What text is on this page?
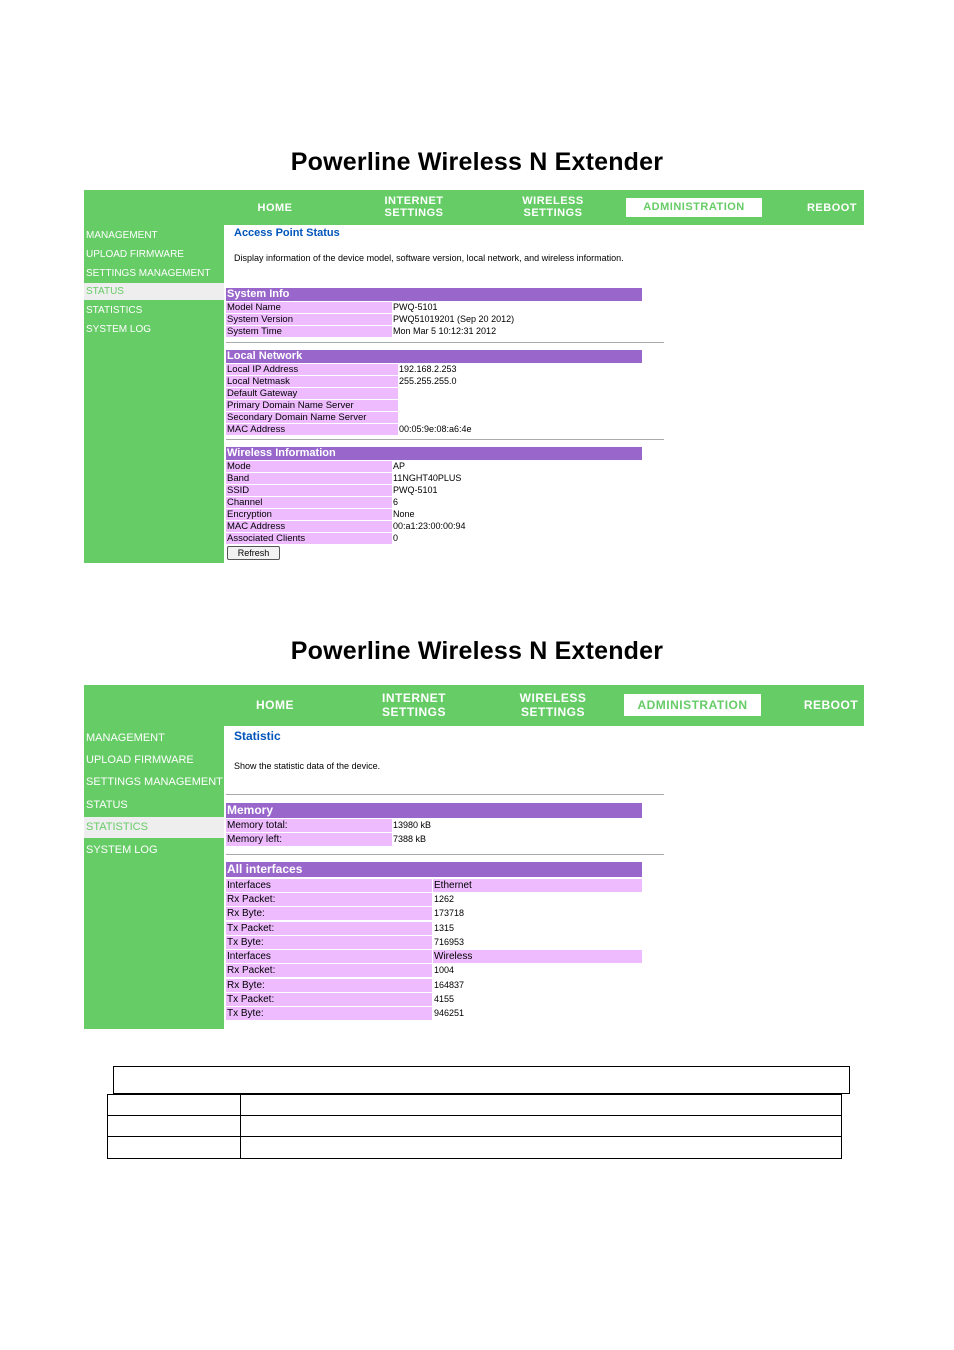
Powerline Wireless N Extender
HOME
INTERNET
SETTINGS
WIRELESS
SETTINGS	ADMINISTRATION	REBOOT
MANAGEMENT
UPLOAD FIRMWARE
SETTINGS MANAGEMENT
STATUS
STATISTICS
SYSTEM LOG
Access Point Status
Display information of the device model, software version, local network, and wireless information.
System Info
Model Name	PWQ-5101
System Version	PWQ51019201 (Sep 20 2012)
System Time	Mon Mar 5 10:12:31 2012
Local Network
Local IP Address	192.168.2.253
Local Netmask	255.255.255.0
Default Gateway
Primary Domain Name Server
Secondary Domain Name Server
MAC Address	00:05:9e:08:a6:4e
Wireless Information
Mode	AP
Band	11NGHT40PLUS
SSID	PWQ-5101
Channel	6
Encryption	None
MAC Address	00:a1:23:00:00:94
Associated Clients	0
Refresh
Powerline Wireless N Extender
HOME	INTERNET
SETTINGS
WIRELESS
SETTINGS	ADMINISTRATION	REBOOT
MANAGEMENT
UPLOAD FIRMWARE
SETTINGS MANAGEMENT
STATUS
STATISTICS
SYSTEM LOG
Statistic
Show the statistic data of the device.
Memory
Memory total:	13980 kB
Memory left:	7388 kB
All interfaces
Interfaces	Ethernet
Rx Packet:	1262
Rx Byte:	173718
Tx Packet:	1315
Tx Byte:	716953
Interfaces	Wireless
Rx Packet:	1004
Rx Byte:	164837
Tx Packet:	4155
Tx Byte:	946251
